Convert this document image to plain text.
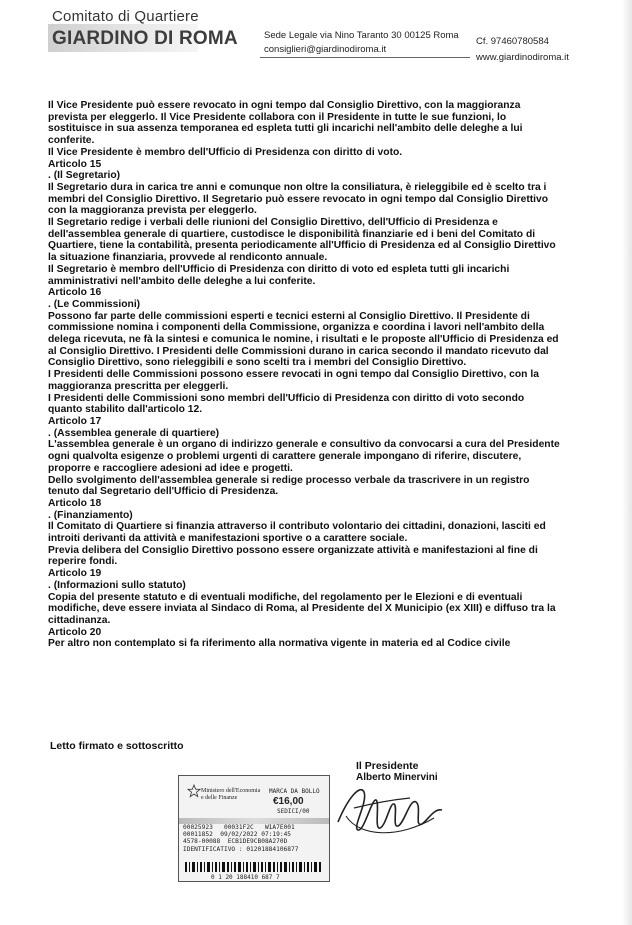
Comitato di Quartiere
GIARDINO DI ROMA	Sede Legale via Nino Taranto 30 00125 Roma
consiglieri@giardinodiroma.it
Cf. 97460780584
www.giardinodiroma.it

Il Vice Presidente può essere revocato in ogni tempo dal Consiglio Direttivo, con la maggioranza prevista per eleggerlo. Il Vice Presidente collabora con il Presidente in tutte le sue funzioni, lo sostituisce in sua assenza temporanea ed espleta tutti gli incarichi nell'ambito delle deleghe a lui conferite.

Il Vice Presidente è membro dell'Ufficio di Presidenza con diritto di voto.

Articolo 15

. (Il Segretario)

Il Segretario dura in carica tre anni e comunque non oltre la consiliatura, è rieleggibile ed è scelto tra i membri del Consiglio Direttivo. Il Segretario può essere revocato in ogni tempo dal Consiglio Direttivo con la maggioranza prevista per eleggerlo.

Il Segretario redige i verbali delle riunioni del Consiglio Direttivo, dell'Ufficio di Presidenza e dell'assemblea generale di quartiere, custodisce le disponibilità finanziarie ed i beni del Comitato di Quartiere, tiene la contabilità, presenta periodicamente all'Ufficio di Presidenza ed al Consiglio Direttivo la situazione finanziaria, provvede al rendiconto annuale.

Il Segretario è membro dell'Ufficio di Presidenza con diritto di voto ed espleta tutti gli incarichi amministrativi nell'ambito delle deleghe a lui conferite.

Articolo 16

. (Le Commissioni)

Possono far parte delle commissioni esperti e tecnici esterni al Consiglio Direttivo. Il Presidente di commissione nomina i componenti della Commissione, organizza e coordina i lavori nell'ambito della delega ricevuta, ne fà la sintesi e comunica le nomine, i risultati e le proposte all'Ufficio di Presidenza ed al Consiglio Direttivo. I Presidenti delle Commissioni durano in carica secondo il mandato ricevuto dal Consiglio Direttivo, sono rieleggibili e sono scelti tra i membri del Consiglio Direttivo.

I Presidenti delle Commissioni possono essere revocati in ogni tempo dal Consiglio Direttivo, con la maggioranza prescritta per eleggerli.

I Presidenti delle Commissioni sono membri dell'Ufficio di Presidenza con diritto di voto secondo quanto stabilito dall'articolo 12.

Articolo 17

. (Assemblea generale di quartiere)

L'assemblea generale è un organo di indirizzo generale e consultivo da convocarsi a cura del Presidente ogni qualvolta esigenze o problemi urgenti di carattere generale impongano di riferire, discutere, proporre e raccogliere adesioni ad idee e progetti.

Dello svolgimento dell'assemblea generale si redige processo verbale da trascrivere in un registro tenuto dal Segretario dell'Ufficio di Presidenza.

Articolo 18

. (Finanziamento)

Il Comitato di Quartiere si finanzia attraverso il contributo volontario dei cittadini, donazioni, lasciti ed introiti derivanti da attività e manifestazioni sportive o a carattere sociale.

Previa delibera del Consiglio Direttivo possono essere organizzate attività e manifestazioni al fine di reperire fondi.

Articolo 19

. (Informazioni sullo statuto)

Copia del presente statuto e di eventuali modifiche, del regolamento per le Elezioni e di eventuali modifiche, deve essere inviata al Sindaco di Roma, al Presidente del X Municipio (ex XIII) e diffuso tra la cittadinanza.

Articolo 20

Per altro non contemplato si fa riferimento alla normativa vigente in materia ed al Codice civile

Letto firmato e sottoscritto
Il Presidente
Alberto Minervini
Ministero dell'Economia e delle Finanze
MARCA DA BOLLO
€16,00
SEDICI/00
00025923   00031F2C   W1A7E001
00011852  09/02/2022 07:19:45
4578-00088  ECB1DE9CB08A270D
IDENTIFICATIVO : 01201884106877
0 1 20 188410 687 7
